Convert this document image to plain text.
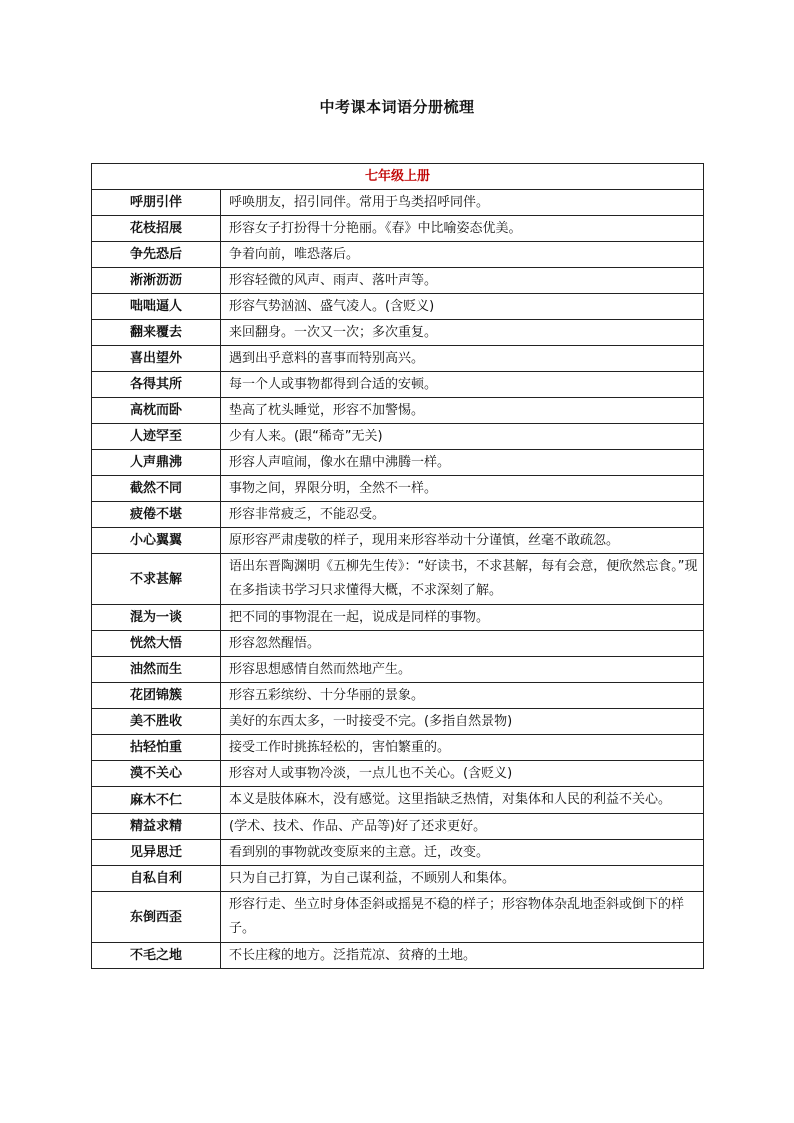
中考课本词语分册梳理
七年级上册	
呼朋引伴	呼唤朋友，招引同伴。常用于鸟类招呼同伴。
花枝招展	形容女子打扮得十分艳丽。《春》中比喻姿态优美。
争先恐后	争着向前，唯恐落后。
淅淅沥沥	形容轻微的风声、雨声、落叶声等。
咄咄逼人	形容气势汹汹、盛气凌人。(含贬义)
翻来覆去	来回翻身。一次又一次；多次重复。
喜出望外	遇到出乎意料的喜事而特别高兴。
各得其所	每一个人或事物都得到合适的安顿。
高枕而卧	垫高了枕头睡觉，形容不加警惕。
人迹罕至	少有人来。(跟“稀奇”无关)
人声鼎沸	形容人声喧闹，像水在鼎中沸腾一样。
截然不同	事物之间，界限分明，全然不一样。
疲倦不堪	形容非常疲乏，不能忍受。
小心翼翼	原形容严肃虔敬的样子，现用来形容举动十分谨慎，丝毫不敢疏忽。
不求甚解	语出东晋陶渊明《五柳先生传》：“好读书，不求甚解，每有会意，便欣然忘食。”现在多指读书学习只求懂得大概，不求深刻了解。
混为一谈	把不同的事物混在一起，说成是同样的事物。
恍然大悟	形容忽然醒悟。
油然而生	形容思想感情自然而然地产生。
花团锦簇	形容五彩缤纷、十分华丽的景象。
美不胜收	美好的东西太多，一时接受不完。(多指自然景物)
拈轻怕重	接受工作时挑拣轻松的，害怕繁重的。
漠不关心	形容对人或事物冷淡，一点儿也不关心。(含贬义)
麻木不仁	本义是肢体麻木，没有感觉。这里指缺乏热情，对集体和人民的利益不关心。
精益求精	(学术、技术、作品、产品等)好了还求更好。
见异思迁	看到别的事物就改变原来的主意。迁，改变。
自私自利	只为自己打算，为自己谋利益，不顾别人和集体。
东倒西歪	形容行走、坐立时身体歪斜或摇晃不稳的样子；形容物体杂乱地歪斜或倒下的样子。
不毛之地	不长庄稼的地方。泛指荒凉、贫瘠的土地。
